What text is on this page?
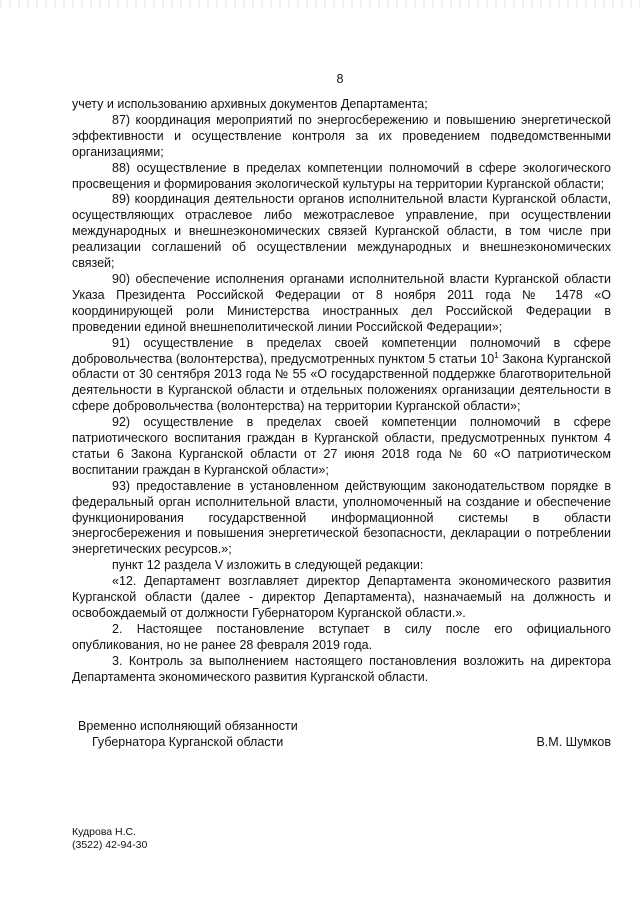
8

учету и использованию архивных документов Департамента;

87) координация мероприятий по энергосбережению и повышению энергетической эффективности и осуществление контроля за их проведением подведомственными организациями;

88) осуществление в пределах компетенции полномочий в сфере экологического просвещения и формирования экологической культуры на территории Курганской области;

89) координация деятельности органов исполнительной власти Курганской области, осуществляющих отраслевое либо межотраслевое управление, при осуществлении международных и внешнеэкономических связей Курганской области, в том числе при реализации соглашений об осуществлении международных и внешнеэкономических связей;

90) обеспечение исполнения органами исполнительной власти Курганской области Указа Президента Российской Федерации от 8 ноября 2011 года № 1478 «О координирующей роли Министерства иностранных дел Российской Федерации в проведении единой внешнеполитической линии Российской Федерации»;

91) осуществление в пределах своей компетенции полномочий в сфере добровольчества (волонтерства), предусмотренных пунктом 5 статьи $10^1$ Закона Курганской области от 30 сентября 2013 года № 55 «О государственной поддержке благотворительной деятельности в Курганской области и отдельных положениях организации деятельности в сфере добровольчества (волонтерства) на территории Курганской области»;

92) осуществление в пределах своей компетенции полномочий в сфере патриотического воспитания граждан в Курганской области, предусмотренных пунктом 4 статьи 6 Закона Курганской области от 27 июня 2018 года № 60 «О патриотическом воспитании граждан в Курганской области»;

93) предоставление в установленном действующим законодательством порядке в федеральный орган исполнительной власти, уполномоченный на создание и обеспечение функционирования государственной информационной системы в области энергосбережения и повышения энергетической безопасности, декларации о потреблении энергетических ресурсов.»;

пункт 12 раздела V изложить в следующей редакции:

«12. Департамент возглавляет директор Департамента экономического развития Курганской области (далее - директор Департамента), назначаемый на должность и освобождаемый от должности Губернатором Курганской области.».

2. Настоящее постановление вступает в силу после его официального опубликования, но не ранее 28 февраля 2019 года.

3. Контроль за выполнением настоящего постановления возложить на директора Департамента экономического развития Курганской области.

Временно исполняющий обязанности
Губернатора Курганской области	В.М. Шумков
Кудрова Н.С.
(3522) 42-94-30
